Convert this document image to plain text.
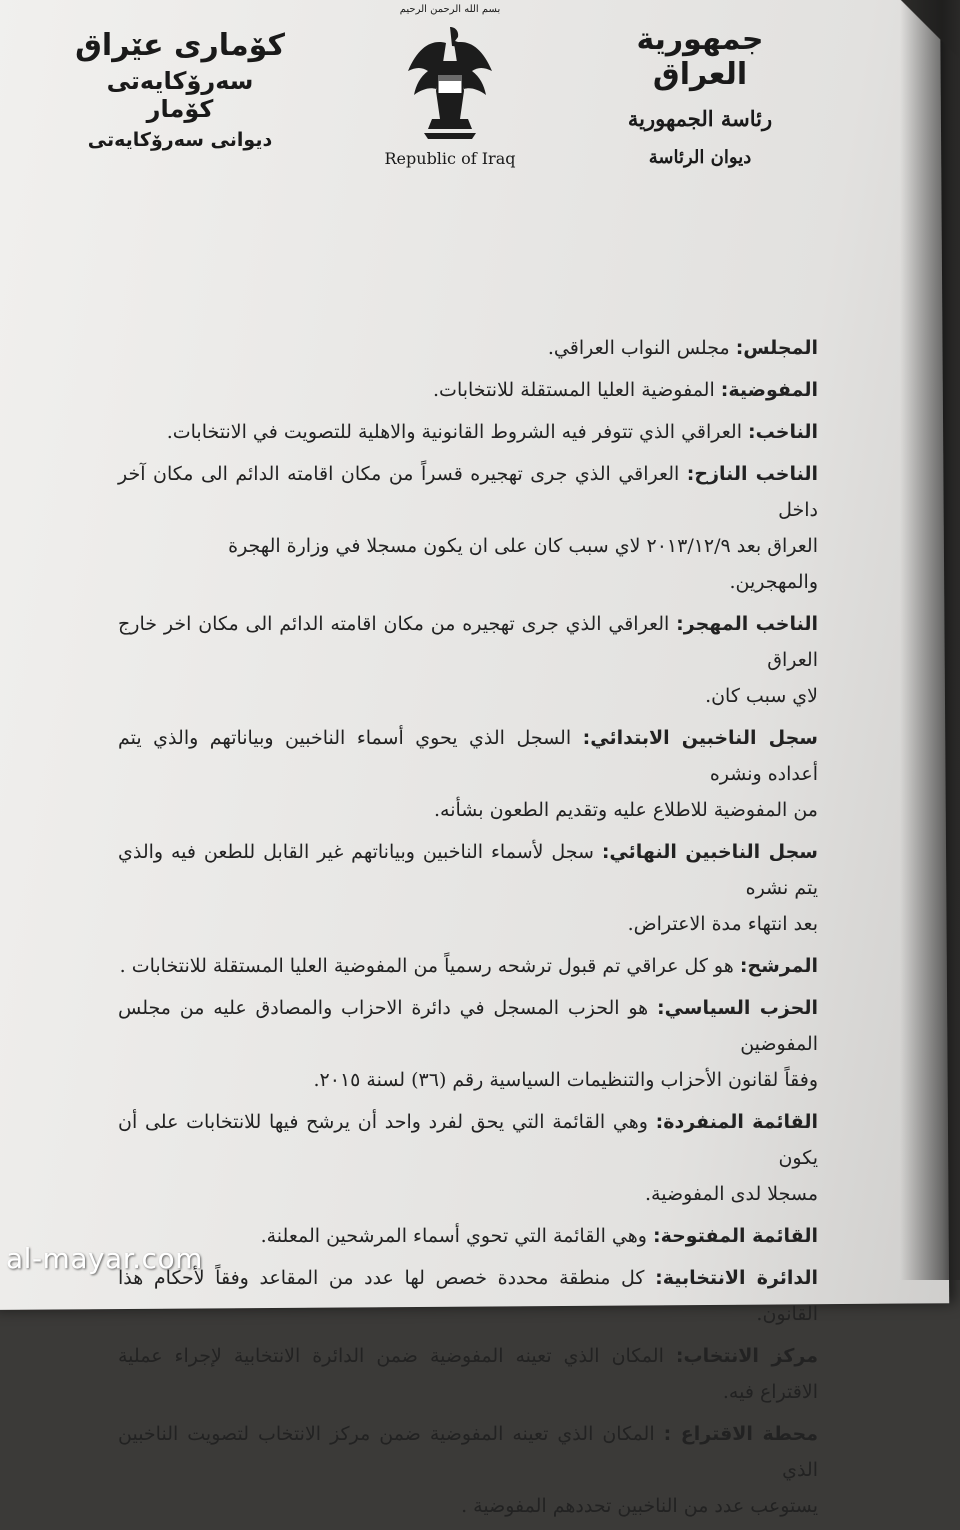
كۆماری عێراق
سەرۆكايەتی كۆمار
ديوانی سەرۆكايەتی
بسم الله الرحمن الرحيم
Republic of Iraq
جمهورية العراق
رئاسة الجمهورية
ديوان الرئاسة
المجلس: مجلس النواب العراقي.
المفوضية: المفوضية العليا المستقلة للانتخابات.
الناخب: العراقي الذي تتوفر فيه الشروط القانونية والاهلية للتصويت في الانتخابات.
الناخب النازح: العراقي الذي جرى تهجيره قسراً من مكان اقامته الدائم الى مكان آخر داخل
العراق بعد ٢٠١٣/١٢/٩ لاي سبب كان على ان يكون مسجلا في وزارة الهجرة
والمهجرين.
الناخب المهجر: العراقي الذي جرى تهجيره من مكان اقامته الدائم الى مكان اخر خارج العراق
لاي سبب كان.
سجل الناخبين الابتدائي: السجل الذي يحوي أسماء الناخبين وبياناتهم والذي يتم أعداده ونشره
من المفوضية للاطلاع عليه وتقديم الطعون بشأنه.
سجل الناخبين النهائي: سجل لأسماء الناخبين وبياناتهم غير القابل للطعن فيه والذي يتم نشره
بعد انتهاء مدة الاعتراض.
المرشح: هو كل عراقي تم قبول ترشحه رسمياً من المفوضية العليا المستقلة للانتخابات .
الحزب السياسي: هو الحزب المسجل في دائرة الاحزاب والمصادق عليه من مجلس المفوضين
وفقاً لقانون الأحزاب والتنظيمات السياسية رقم (٣٦) لسنة ٢٠١٥.
القائمة المنفردة: وهي القائمة التي يحق لفرد واحد أن يرشح فيها للانتخابات على أن يكون
مسجلا لدى المفوضية.
القائمة المفتوحة: وهي القائمة التي تحوي أسماء المرشحين المعلنة.
الدائرة الانتخابية: كل منطقة محددة خصص لها عدد من المقاعد وفقاً لأحكام هذا القانون.
مركز الانتخاب: المكان الذي تعينه المفوضية ضمن الدائرة الانتخابية لإجراء عملية الاقتراع فيه.
محطة الاقتراع : المكان الذي تعينه المفوضية ضمن مركز الانتخاب لتصويت الناخبين الذي
يستوعب عدد من الناخبين تحددهم المفوضية .
al-mayar.com
